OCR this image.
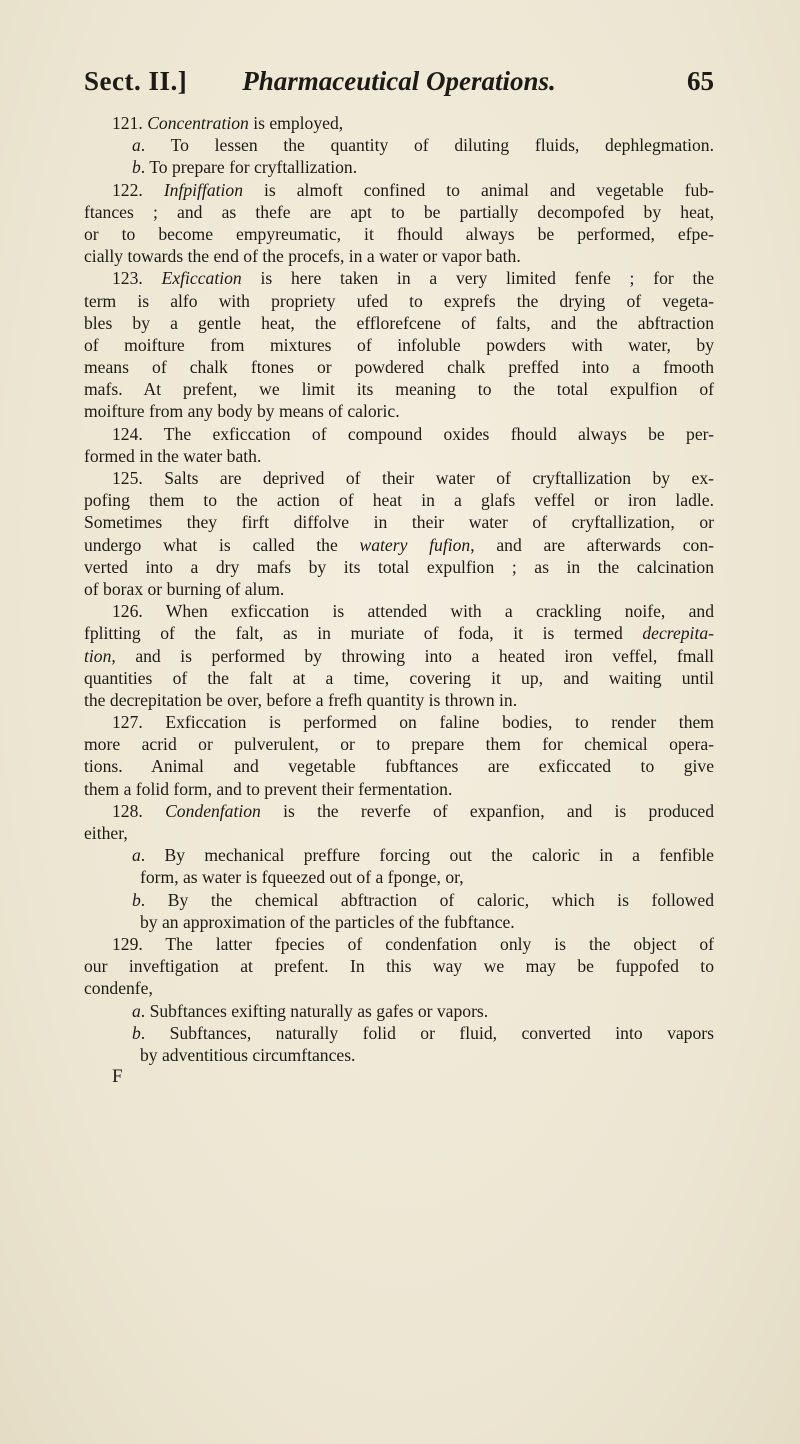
Sect. II.]	Pharmaceutical Operations.	65
121. Concentration is employed,
a. To lessen the quantity of diluting fluids, dephlegmation.
b. To prepare for cryftallization.
122. Infpiffation is almoft confined to animal and vegetable fub-
ftances ; and as thefe are apt to be partially decompofed by heat,
or to become empyreumatic, it fhould always be performed, efpe-
cially towards the end of the procefs, in a water or vapor bath.
123. Exficcation is here taken in a very limited fenfe ; for the
term is alfo with propriety ufed to exprefs the drying of vegeta-
bles by a gentle heat, the efflorefcene of falts, and the abftraction
of moifture from mixtures of infoluble powders with water, by
means of chalk ftones or powdered chalk preffed into a fmooth
mafs. At prefent, we limit its meaning to the total expulfion of
moifture from any body by means of caloric.
124. The exficcation of compound oxides fhould always be per-
formed in the water bath.
125. Salts are deprived of their water of cryftallization by ex-
pofing them to the action of heat in a glafs veffel or iron ladle.
Sometimes they firft diffolve in their water of cryftallization, or
undergo what is called the watery fufion, and are afterwards con-
verted into a dry mafs by its total expulfion ; as in the calcination
of borax or burning of alum.
126. When exficcation is attended with a crackling noife, and
fplitting of the falt, as in muriate of foda, it is termed decrepita-
tion, and is performed by throwing into a heated iron veffel, fmall
quantities of the falt at a time, covering it up, and waiting until
the decrepitation be over, before a frefh quantity is thrown in.
127. Exficcation is performed on faline bodies, to render them
more acrid or pulverulent, or to prepare them for chemical opera-
tions. Animal and vegetable fubftances are exficcated to give
them a folid form, and to prevent their fermentation.
128. Condenfation is the reverfe of expanfion, and is produced
either,
a. By mechanical preffure forcing out the caloric in a fenfible
form, as water is fqueezed out of a fponge, or,
b. By the chemical abftraction of caloric, which is followed
by an approximation of the particles of the fubftance.
129. The latter fpecies of condenfation only is the object of
our inveftigation at prefent. In this way we may be fuppofed to
condenfe,
a. Subftances exifting naturally as gafes or vapors.
b. Subftances, naturally folid or fluid, converted into vapors
by adventitious circumftances.
F
